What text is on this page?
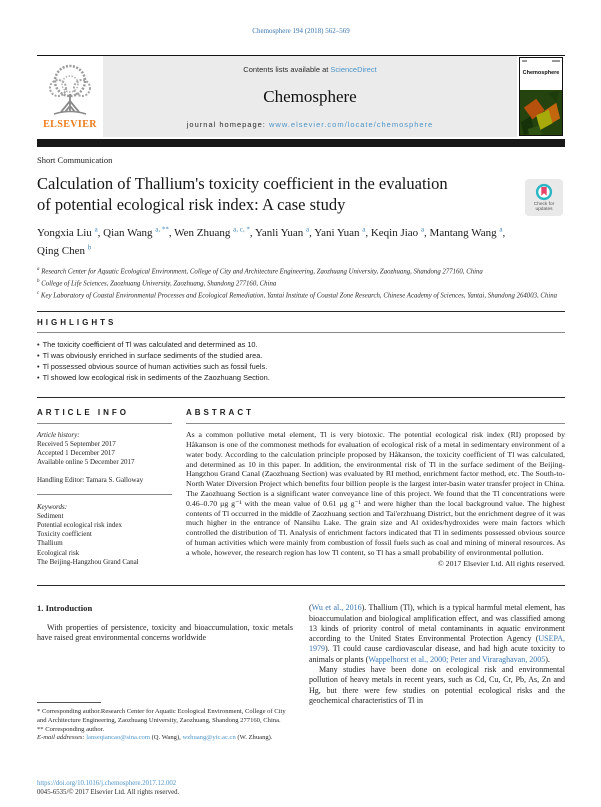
Chemosphere 194 (2018) 562–569
ELSEVIER
Contents lists available at ScienceDirect
Chemosphere
journal homepage: www.elsevier.com/locate/chemosphere
Chemosphere
Short Communication
Calculation of Thallium's toxicity coefficient in the evaluation
of potential ecological risk index: A case study	Check for
updates
Yongxia Liu $^a$, Qian Wang $^{a, **}$, Wen Zhuang $^{a, c, *}$, Yanli Yuan $^a$, Yani Yuan $^a$, Keqin Jiao $^a$, Mantang Wang $^a$, Qing Chen $^b$
$^a$ Research Center for Aquatic Ecological Environment, College of City and Architecture Engineering, Zaozhuang University, Zaozhuang, Shandong 277160, China
$^b$ College of Life Sciences, Zaozhuang University, Zaozhuang, Shandong 277160, China
$^c$ Key Laboratory of Coastal Environmental Processes and Ecological Remediation, Yantai Institute of Coastal Zone Research, Chinese Academy of Sciences, Yantai, Shandong 264003, China
HIGHLIGHTS
• The toxicity coefficient of Tl was calculated and determined as 10.
• Tl was obviously enriched in surface sediments of the studied area.
• Tl possessed obvious source of human activities such as fossil fuels.
• Tl showed low ecological risk in sediments of the Zaozhuang Section.
ARTICLE INFO
Article history:
Received 5 September 2017
Accepted 1 December 2017
Available online 5 December 2017
Handling Editor: Tamara S. Galloway
Keywords:
Sediment
Potential ecological risk index
Toxicity coefficient
Thallium
Ecological risk
The Beijing-Hangzhou Grand Canal
ABSTRACT
As a common pollutive metal element, Tl is very biotoxic. The potential ecological risk index (RI) proposed by Håkanson is one of the commonest methods for evaluation of ecological risk of a metal in sedimentary environment of a water body. According to the calculation principle proposed by Håkanson, the toxicity coefficient of Tl was calculated, and determined as 10 in this paper. In addition, the environmental risk of Tl in the surface sediment of the Beijing-Hangzhou Grand Canal (Zaozhuang Section) was evaluated by RI method, enrichment factor method, etc. The South-to-North Water Diversion Project which benefits four billion people is the largest inter-basin water transfer project in China. The Zaozhuang Section is a significant water conveyance line of this project. We found that the Tl concentrations were 0.46–0.70 μg g⁻¹ with the mean value of 0.61 μg g⁻¹ and were higher than the local background value. The highest contents of Tl occurred in the middle of Zaozhuang section and Tai'erzhuang District, but the enrichment degree of it was much higher in the entrance of Nansihu Lake. The grain size and Al oxides/hydroxides were main factors which controlled the distribution of Tl. Analysis of enrichment factors indicated that Tl in sediments possessed obvious source of human activities which were mainly from combustion of fossil fuels such as coal and mining of mineral resources. As a whole, however, the research region has low Tl content, so Tl has a small probability of environmental pollution.
© 2017 Elsevier Ltd. All rights reserved.
1. Introduction
With properties of persistence, toxicity and bioaccumulation, toxic metals have raised great environmental concerns worldwide
(Wu et al., 2016). Thallium (Tl), which is a typical harmful metal element, has bioaccumulation and biological amplification effect, and was classified among 13 kinds of priority control of metal contaminants in aquatic environment according to the United States Environmental Protection Agency (USEPA, 1979). Tl could cause cardiovascular disease, and had high acute toxicity to animals or plants (Wappelhorst et al., 2000; Peter and Viraraghavan, 2005).
Many studies have been done on ecological risk and environmental pollution of heavy metals in recent years, such as Cd, Cu, Cr, Pb, As, Zn and Hg, but there were few studies on potential ecological risks and the geochemical characteristics of Tl in
* Corresponding author.Research Center for Aquatic Ecological Environment, College of City and Architecture Engineering, Zaozhuang University, Zaozhuang, Shandong 277160, China.
** Corresponding author.
E-mail addresses: lanseqiancao@sina.com (Q. Wang), wzhuang@yic.ac.cn (W. Zhuang).
https://doi.org/10.1016/j.chemosphere.2017.12.002
0045-6535/© 2017 Elsevier Ltd. All rights reserved.
